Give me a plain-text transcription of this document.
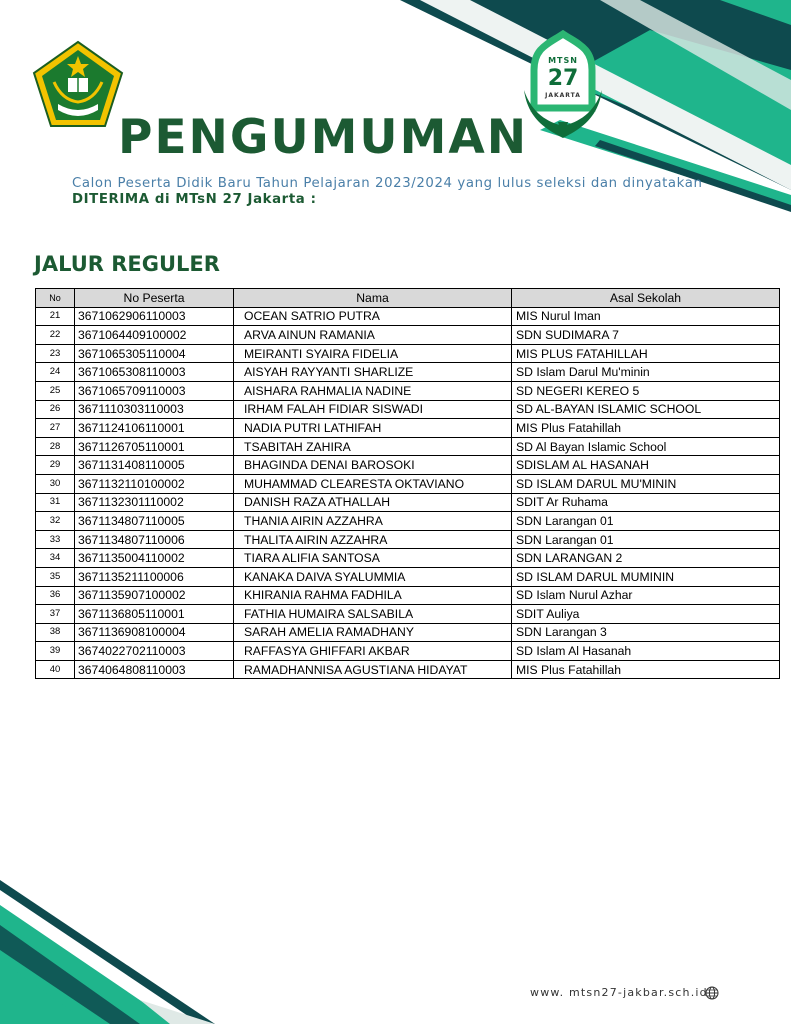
MTSN
27
JAKARTA
PENGUMUMAN
Calon Peserta Didik Baru Tahun Pelajaran 2023/2024 yang lulus seleksi dan dinyatakan DITERIMA di MTsN 27 Jakarta :
JALUR REGULER
No	No Peserta	Nama	Asal Sekolah
21	3671062906110003	OCEAN SATRIO PUTRA	MIS Nurul Iman
22	3671064409100002	ARVA AINUN RAMANIA	SDN SUDIMARA 7
23	3671065305110004	MEIRANTI SYAIRA FIDELIA	MIS PLUS FATAHILLAH
24	3671065308110003	AISYAH RAYYANTI SHARLIZE	SD Islam Darul Mu'minin
25	3671065709110003	AISHARA RAHMALIA NADINE	SD NEGERI KEREO 5
26	3671110303110003	IRHAM FALAH FIDIAR SISWADI	SD AL-BAYAN ISLAMIC SCHOOL
27	3671124106110001	NADIA PUTRI LATHIFAH	MIS Plus Fatahillah
28	3671126705110001	TSABITAH ZAHIRA	SD Al Bayan Islamic School
29	3671131408110005	BHAGINDA DENAI BAROSOKI	SDISLAM AL HASANAH
30	3671132110100002	MUHAMMAD CLEARESTA OKTAVIANO	SD ISLAM DARUL MU'MININ
31	3671132301110002	DANISH RAZA ATHALLAH	SDIT Ar Ruhama
32	3671134807110005	THANIA AIRIN AZZAHRA	SDN Larangan 01
33	3671134807110006	THALITA AIRIN AZZAHRA	SDN Larangan 01
34	3671135004110002	TIARA ALIFIA SANTOSA	SDN LARANGAN 2
35	3671135211100006	KANAKA DAIVA SYALUMMIA	SD ISLAM DARUL MUMININ
36	3671135907100002	KHIRANIA RAHMA FADHILA	SD Islam Nurul Azhar
37	3671136805110001	FATHIA HUMAIRA SALSABILA	SDIT Auliya
38	3671136908100004	SARAH AMELIA RAMADHANY	SDN Larangan 3
39	3674022702110003	RAFFASYA GHIFFARI AKBAR	SD Islam Al Hasanah
40	3674064808110003	RAMADHANNISA AGUSTIANA HIDAYAT	MIS Plus Fatahillah
www. mtsn27-jakbar.sch.id
